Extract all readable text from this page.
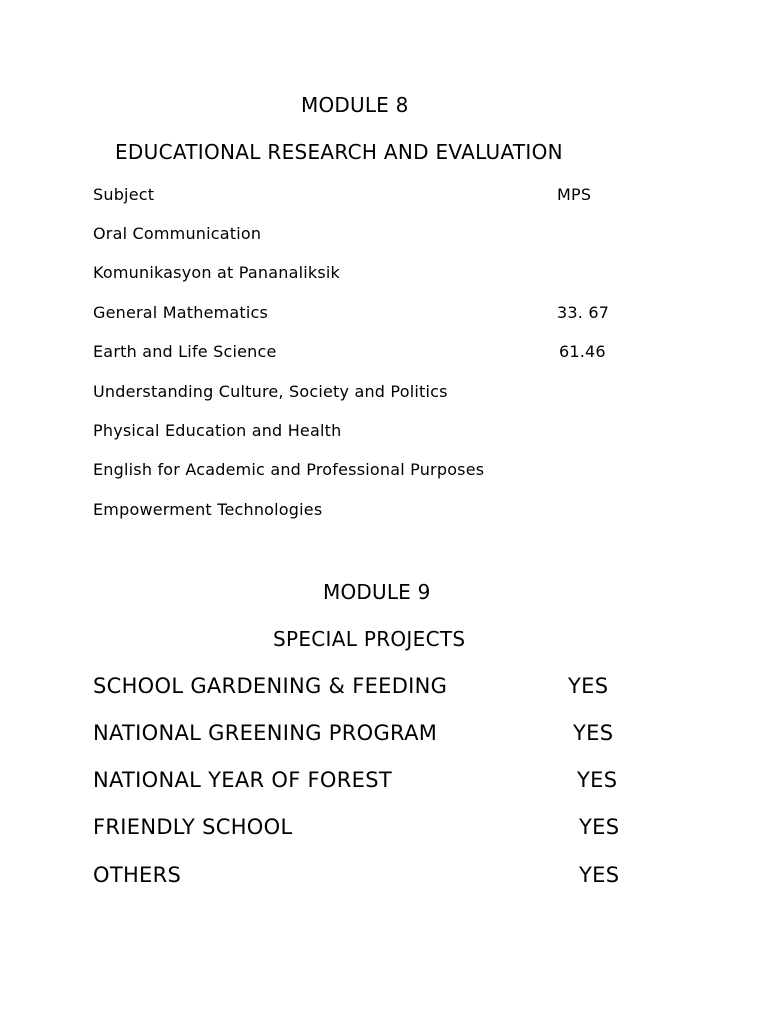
MODULE 8
EDUCATIONAL RESEARCH AND EVALUATION
Subject	MPS
Oral Communication
Komunikasyon at Pananaliksik
General Mathematics	33. 67
Earth and Life Science	61.46
Understanding Culture, Society and Politics
Physical Education and Health
English for Academic and Professional Purposes
Empowerment Technologies
MODULE 9
SPECIAL PROJECTS
SCHOOL GARDENING & FEEDING	YES
NATIONAL GREENING PROGRAM	YES
NATIONAL YEAR OF FOREST	YES
FRIENDLY SCHOOL	YES
OTHERS	YES
